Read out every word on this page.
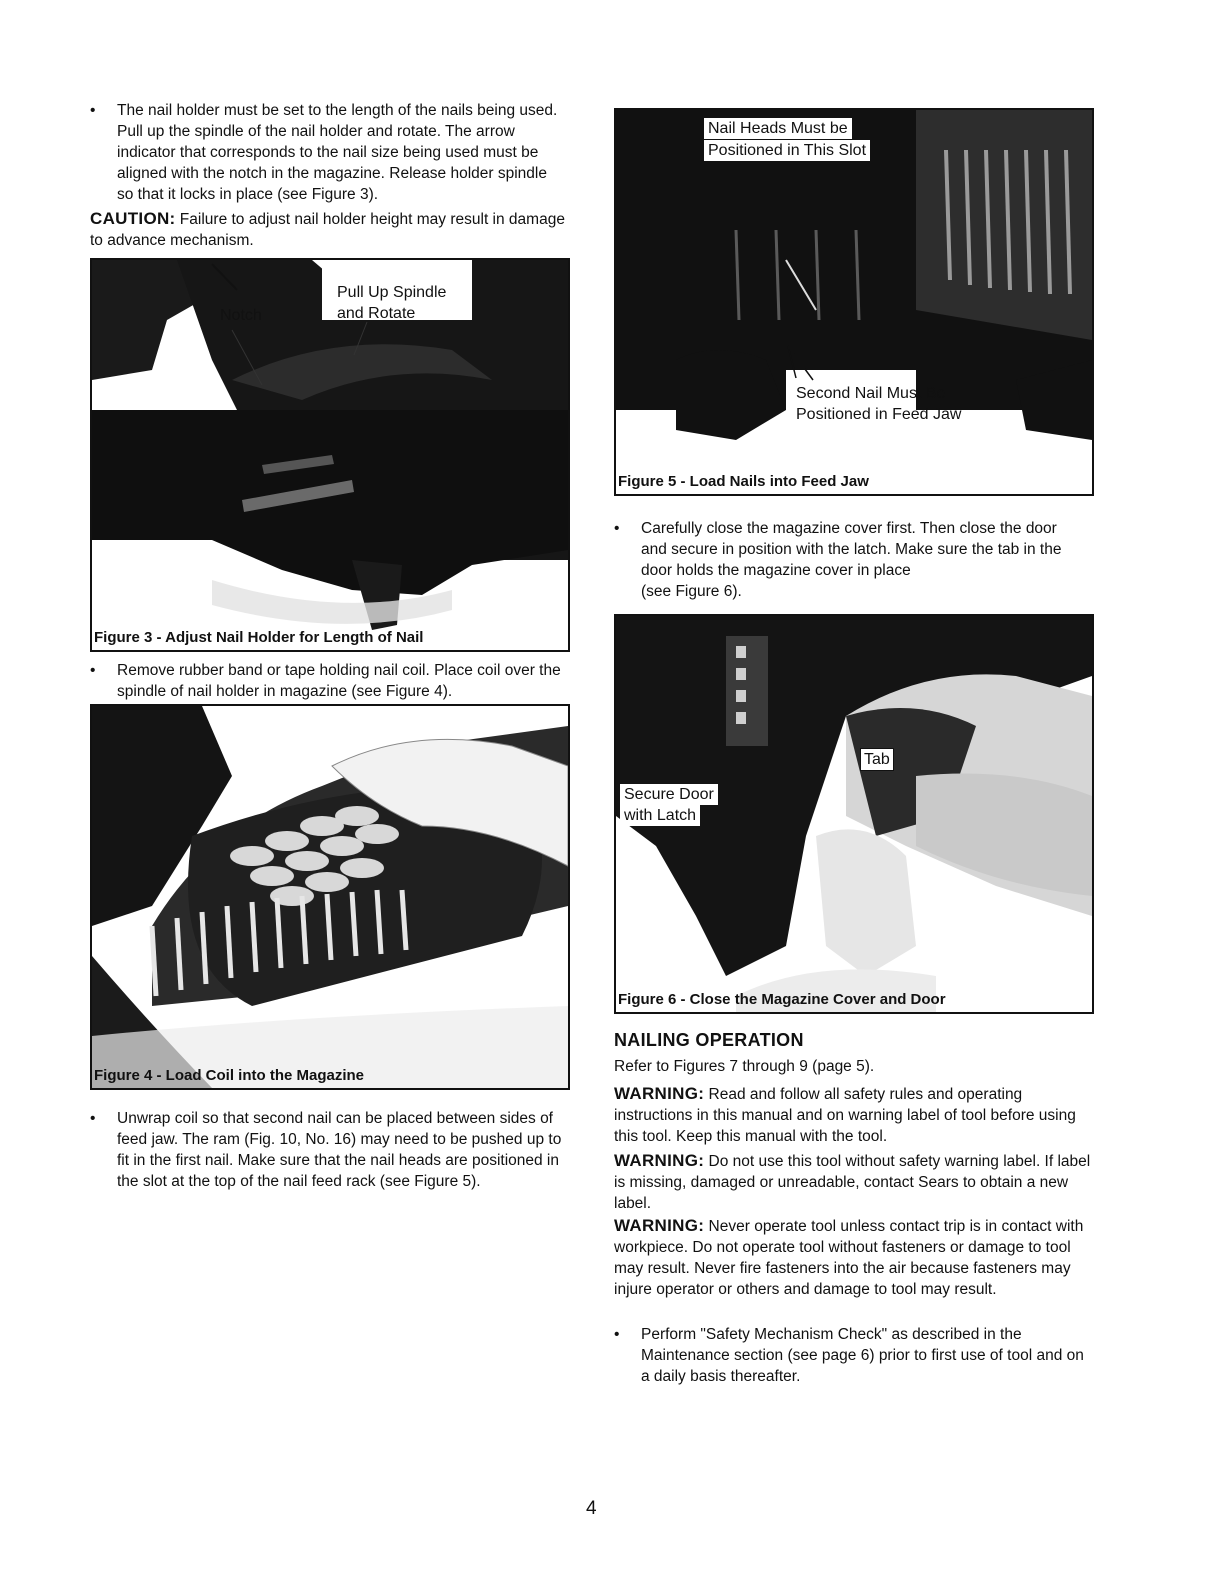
• The nail holder must be set to the length of the nails being used. Pull up the spindle of the nail holder and rotate. The arrow indicator that corresponds to the nail size being used must be aligned with the notch in the magazine. Release holder spindle so that it locks in place (see Figure 3).
CAUTION: Failure to adjust nail holder height may result in damage to advance mechanism.
Notch
Pull Up Spindle
and Rotate
Figure 3 - Adjust Nail Holder for Length of Nail
• Remove rubber band or tape holding nail coil. Place coil over the spindle of nail holder in magazine (see Figure 4).
Figure 4 - Load Coil into the Magazine
• Unwrap coil so that second nail can be placed between sides of feed jaw. The ram (Fig. 10, No. 16) may need to be pushed up to fit in the first nail. Make sure that the nail heads are positioned in the slot at the top of the nail feed rack (see Figure 5).
Nail Heads Must be
Positioned in This Slot
Second Nail Must Be
Positioned in Feed Jaw
Figure 5 - Load Nails into Feed Jaw
• Carefully close the magazine cover first. Then close the door and secure in position with the latch. Make sure the tab in the door holds the magazine cover in place
(see Figure 6).
Tab
Secure Door
with Latch
Figure 6 - Close the Magazine Cover and Door
NAILING OPERATION
Refer to Figures 7 through 9 (page 5).
WARNING: Read and follow all safety rules and operating instructions in this manual and on warning label of tool before using this tool. Keep this manual with the tool.
WARNING: Do not use this tool without safety warning label. If label is missing, damaged or unreadable, contact Sears to obtain a new label.
WARNING: Never operate tool unless contact trip is in contact with workpiece. Do not operate tool without fasteners or damage to tool may result. Never fire fasteners into the air because fasteners may injure operator or others and damage to tool may result.
• Perform "Safety Mechanism Check" as described in the Maintenance section (see page 6) prior to first use of tool and on a daily basis thereafter.
4
